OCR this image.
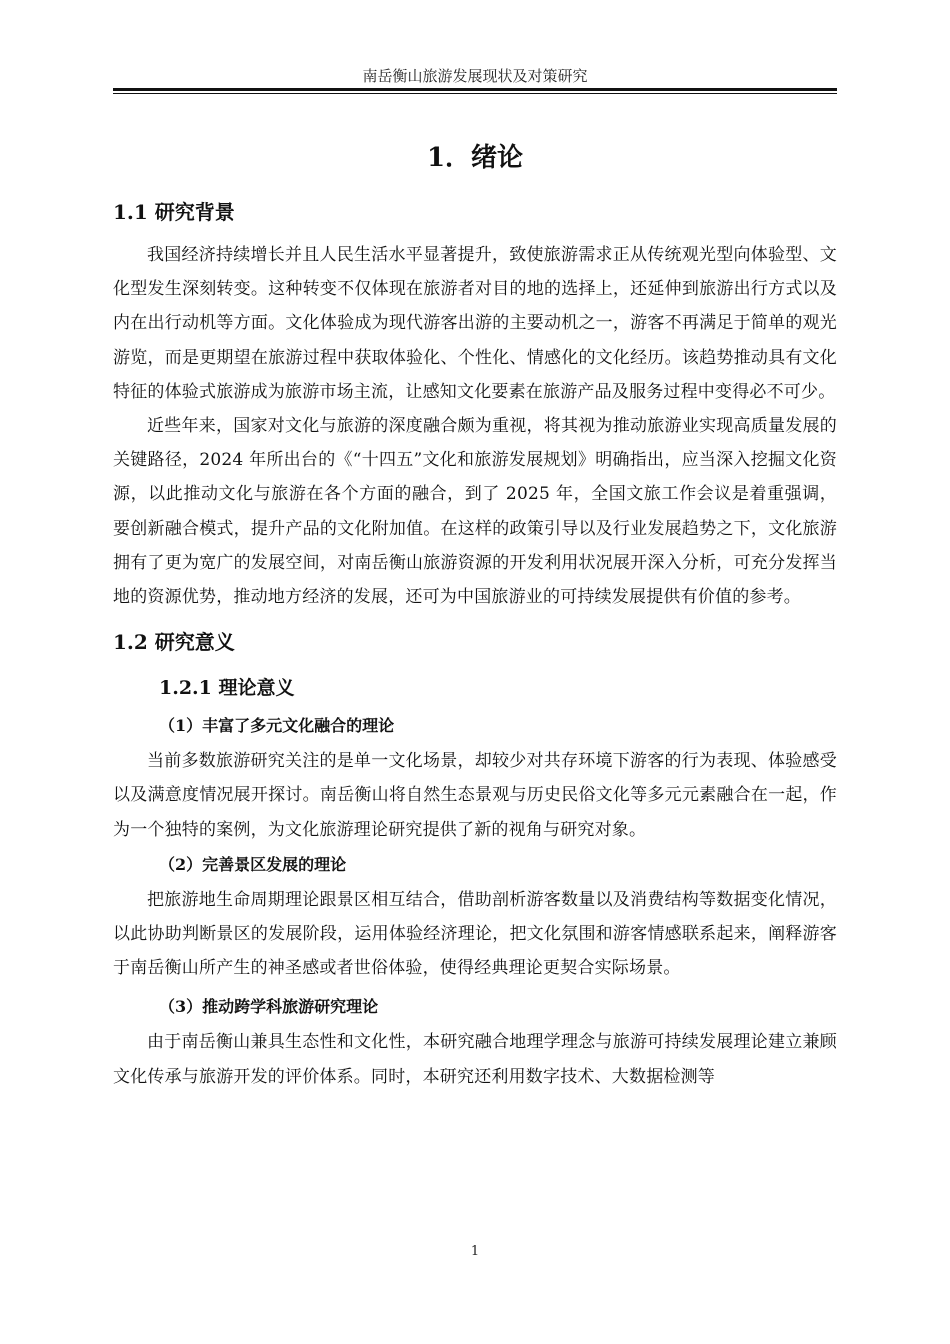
南岳衡山旅游发展现状及对策研究
1．绪论
1.1 研究背景

我国经济持续增长并且人民生活水平显著提升，致使旅游需求正从传统观光型向体验型、文化型发生深刻转变。这种转变不仅体现在旅游者对目的地的选择上，还延伸到旅游出行方式以及内在出行动机等方面。文化体验成为现代游客出游的主要动机之一，游客不再满足于简单的观光游览，而是更期望在旅游过程中获取体验化、个性化、情感化的文化经历。该趋势推动具有文化特征的体验式旅游成为旅游市场主流，让感知文化要素在旅游产品及服务过程中变得必不可少。

近些年来，国家对文化与旅游的深度融合颇为重视，将其视为推动旅游业实现高质量发展的关键路径，2024 年所出台的《“十四五”文化和旅游发展规划》明确指出，应当深入挖掘文化资源，以此推动文化与旅游在各个方面的融合，到了 2025 年，全国文旅工作会议是着重强调，要创新融合模式，提升产品的文化附加值。在这样的政策引导以及行业发展趋势之下，文化旅游拥有了更为宽广的发展空间，对南岳衡山旅游资源的开发利用状况展开深入分析，可充分发挥当地的资源优势，推动地方经济的发展，还可为中国旅游业的可持续发展提供有价值的参考。

1.2 研究意义
1.2.1 理论意义
（1）丰富了多元文化融合的理论

当前多数旅游研究关注的是单一文化场景，却较少对共存环境下游客的行为表现、体验感受以及满意度情况展开探讨。南岳衡山将自然生态景观与历史民俗文化等多元元素融合在一起，作为一个独特的案例，为文化旅游理论研究提供了新的视角与研究对象。

（2）完善景区发展的理论

把旅游地生命周期理论跟景区相互结合，借助剖析游客数量以及消费结构等数据变化情况，以此协助判断景区的发展阶段，运用体验经济理论，把文化氛围和游客情感联系起来，阐释游客于南岳衡山所产生的神圣感或者世俗体验，使得经典理论更契合实际场景。

（3）推动跨学科旅游研究理论

由于南岳衡山兼具生态性和文化性，本研究融合地理学理念与旅游可持续发展理论建立兼顾文化传承与旅游开发的评价体系。同时，本研究还利用数字技术、大数据检测等

1
